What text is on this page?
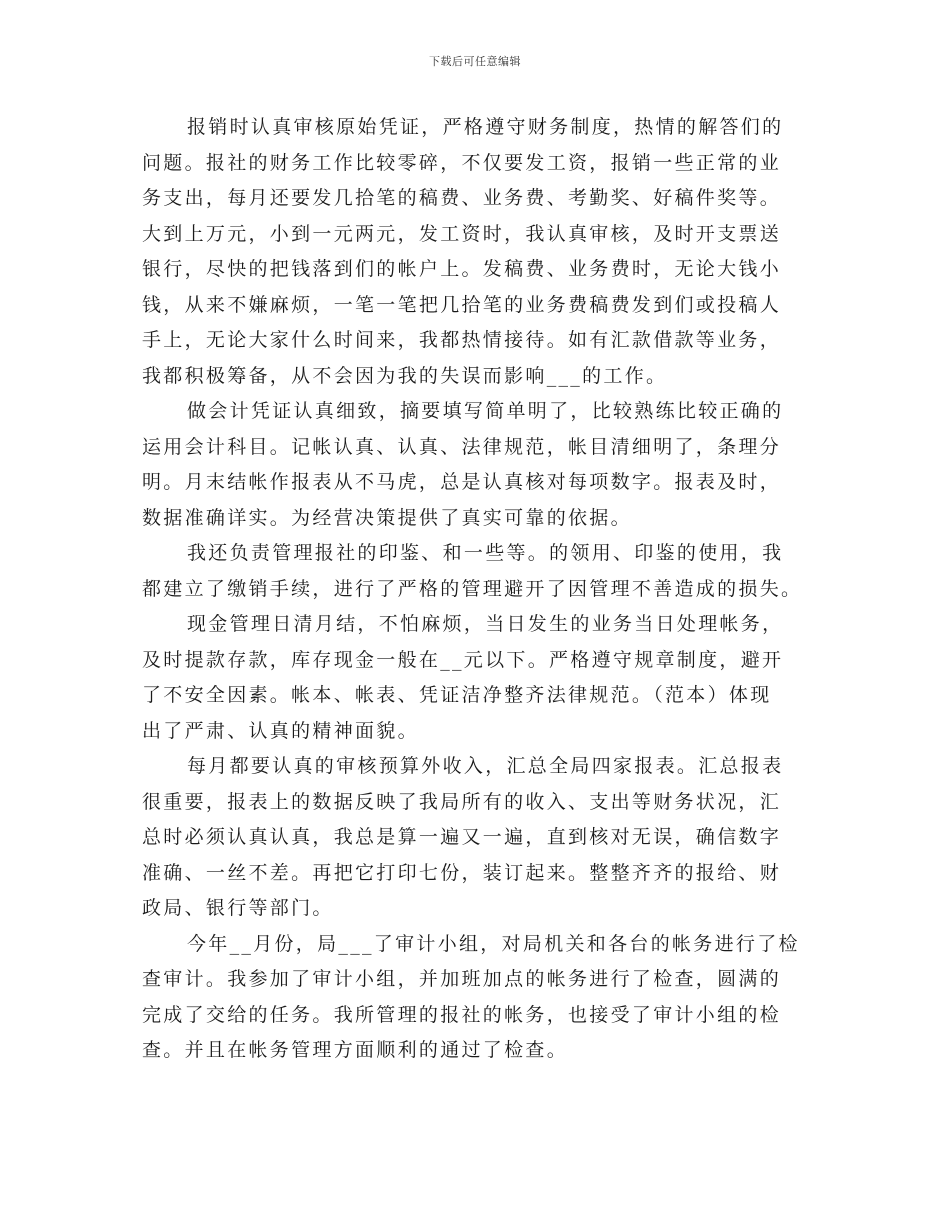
下载后可任意编辑

报销时认真审核原始凭证，严格遵守财务制度，热情的解答们的
问题。报社的财务工作比较零碎，不仅要发工资，报销一些正常的业
务支出，每月还要发几拾笔的稿费、业务费、考勤奖、好稿件奖等。
大到上万元，小到一元两元，发工资时，我认真审核，及时开支票送
银行，尽快的把钱落到们的帐户上。发稿费、业务费时，无论大钱小
钱，从来不嫌麻烦，一笔一笔把几拾笔的业务费稿费发到们或投稿人
手上，无论大家什么时间来，我都热情接待。如有汇款借款等业务，
我都积极筹备，从不会因为我的失误而影响___的工作。

做会计凭证认真细致，摘要填写简单明了，比较熟练比较正确的
运用会计科目。记帐认真、认真、法律规范，帐目清细明了，条理分
明。月末结帐作报表从不马虎，总是认真核对每项数字。报表及时，
数据准确详实。为经营决策提供了真实可靠的依据。

我还负责管理报社的印鉴、和一些等。的领用、印鉴的使用，我
都建立了缴销手续，进行了严格的管理避开了因管理不善造成的损失。

现金管理日清月结，不怕麻烦，当日发生的业务当日处理帐务，
及时提款存款，库存现金一般在__元以下。严格遵守规章制度，避开
了不安全因素。帐本、帐表、凭证洁净整齐法律规范。（范本）体现
出了严肃、认真的精神面貌。

每月都要认真的审核预算外收入，汇总全局四家报表。汇总报表
很重要，报表上的数据反映了我局所有的收入、支出等财务状况，汇
总时必须认真认真，我总是算一遍又一遍，直到核对无误，确信数字
准确、一丝不差。再把它打印七份，装订起来。整整齐齐的报给、财
政局、银行等部门。

今年__月份，局___了审计小组，对局机关和各台的帐务进行了检
查审计。我参加了审计小组，并加班加点的帐务进行了检查，圆满的
完成了交给的任务。我所管理的报社的帐务，也接受了审计小组的检
查。并且在帐务管理方面顺利的通过了检查。
